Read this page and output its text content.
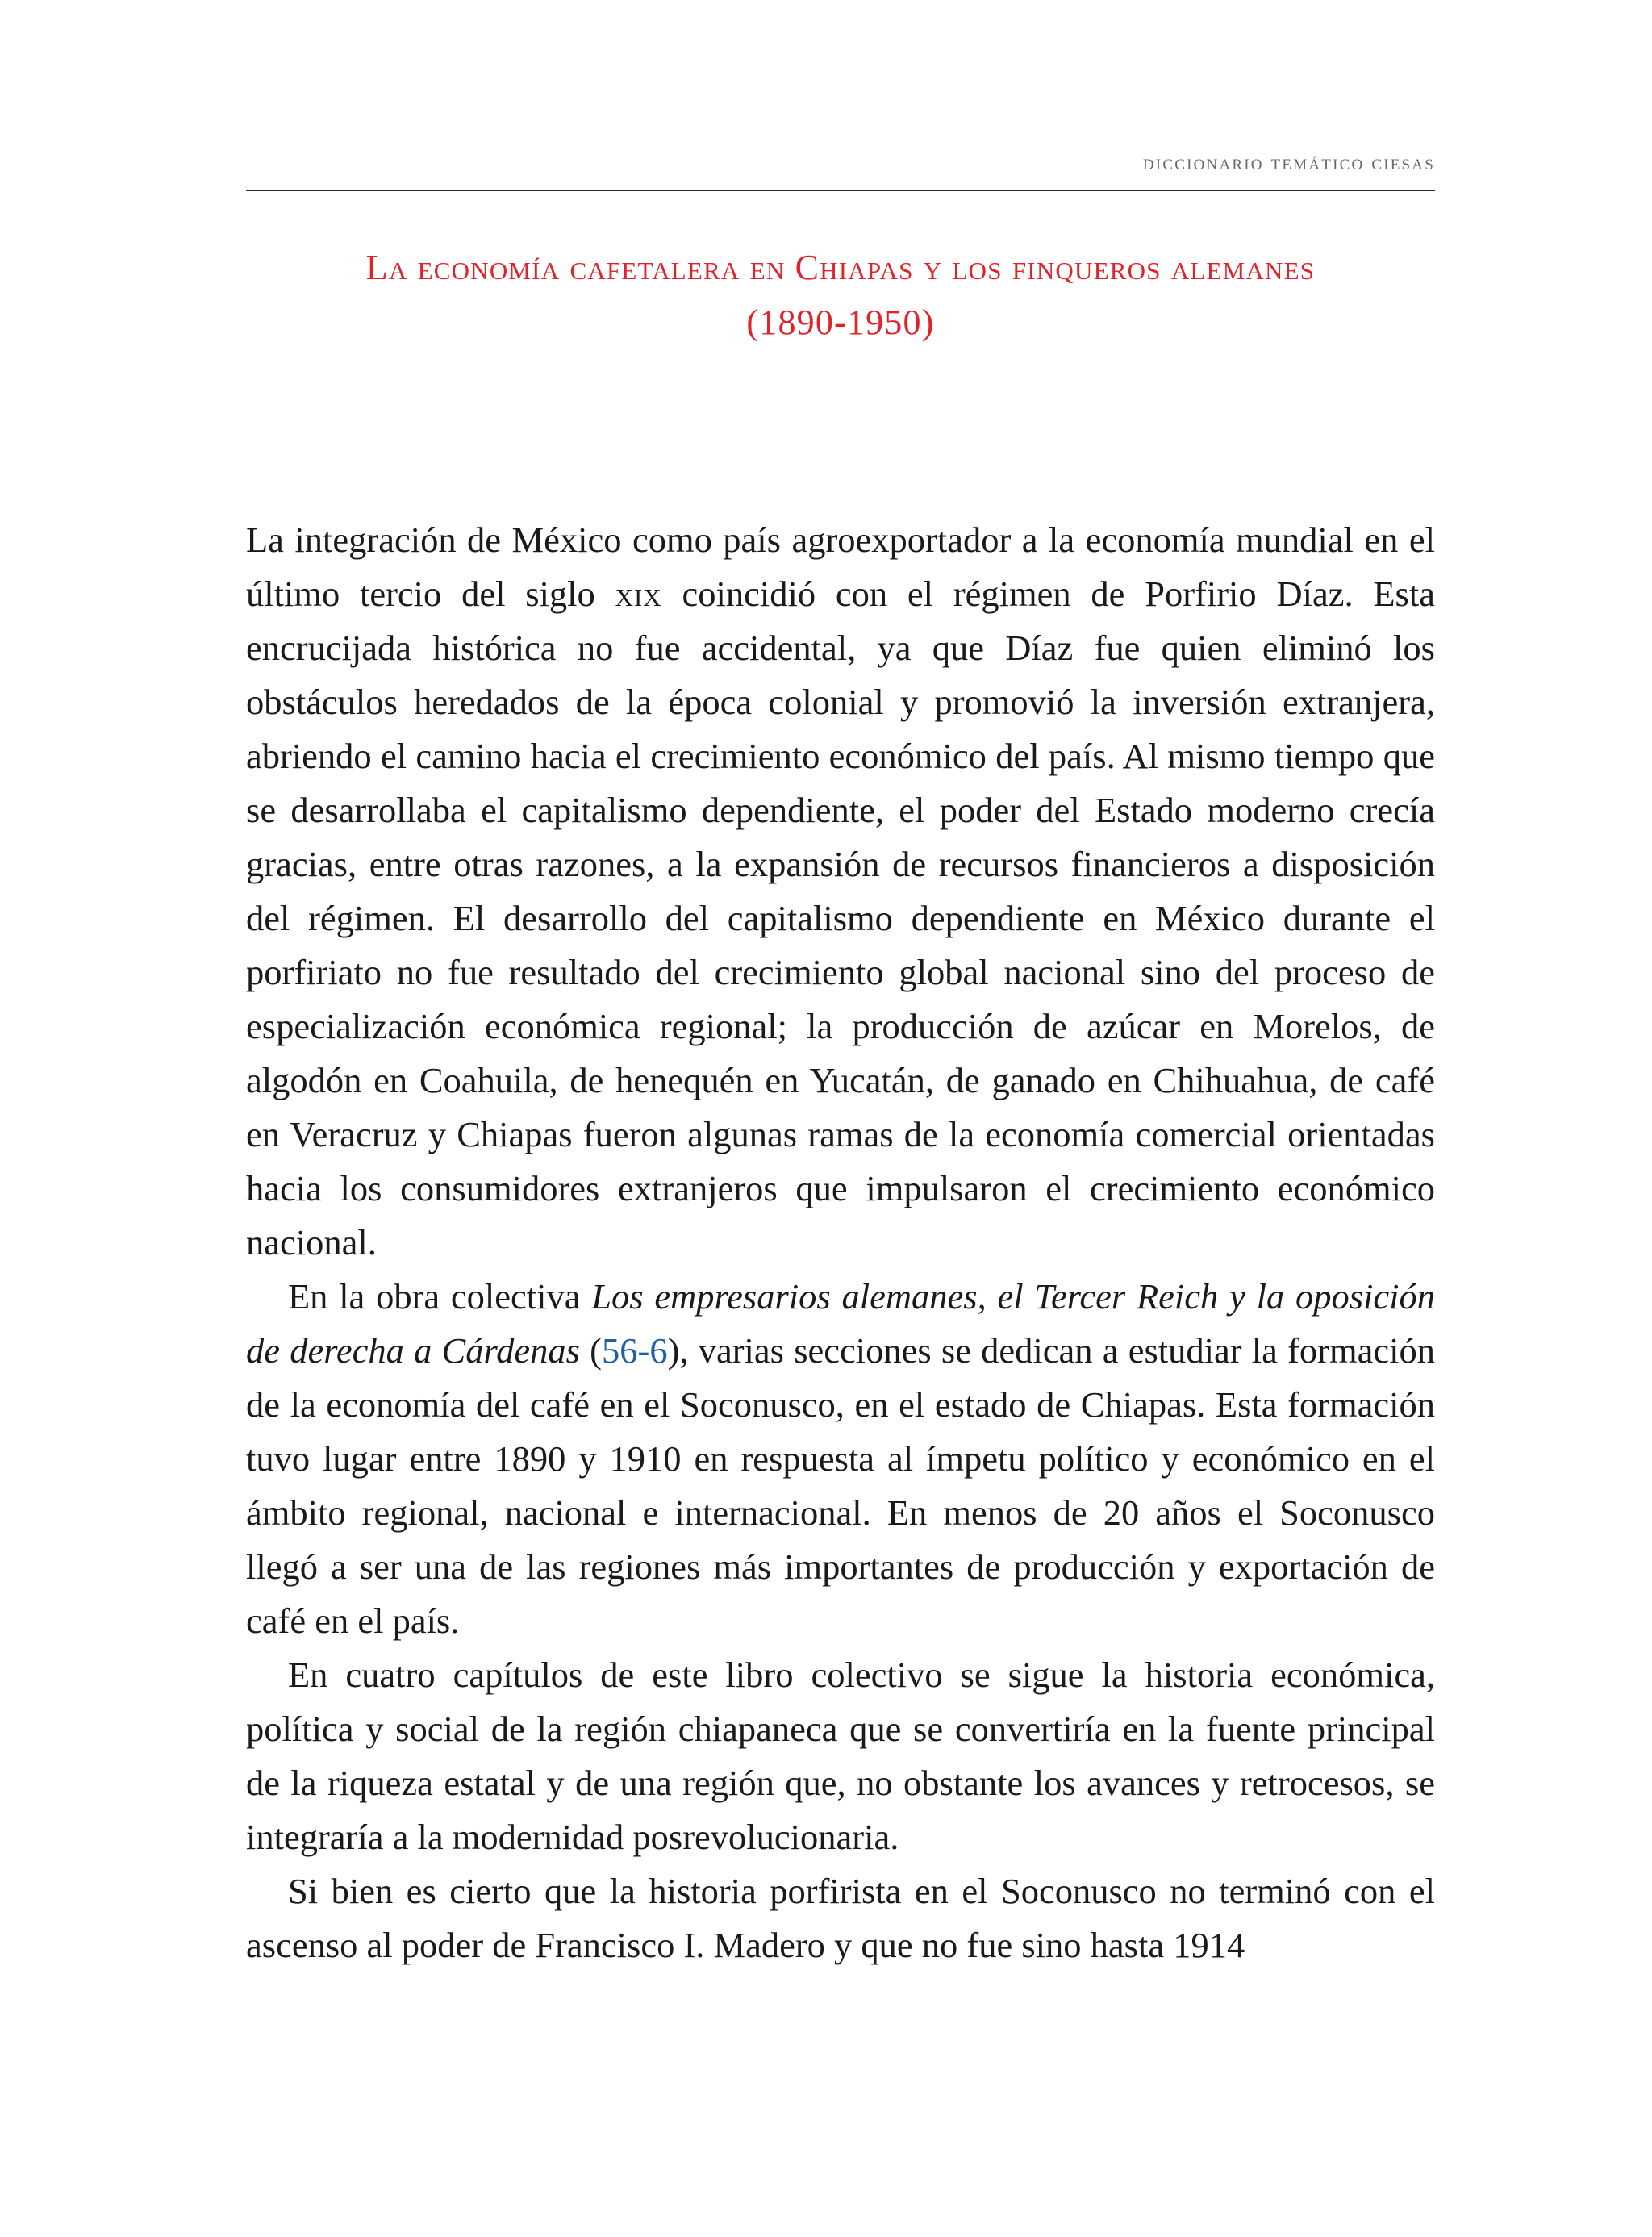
diccionario temático ciesas
La economía cafetalera en Chiapas y los finqueros alemanes
(1890-1950)

La integración de México como país agroexportador a la economía mundial en el último tercio del siglo xix coincidió con el régimen de Porfirio Díaz. Esta encrucijada histórica no fue accidental, ya que Díaz fue quien eliminó los obstáculos heredados de la época colonial y promovió la inversión extranjera, abriendo el camino hacia el crecimiento económico del país. Al mismo tiempo que se desarrollaba el capitalismo dependiente, el poder del Estado moderno crecía gracias, entre otras razones, a la expansión de recursos financieros a disposición del régimen. El desarrollo del capitalismo dependiente en México durante el porfiriato no fue resultado del crecimiento global nacional sino del proceso de especialización económica regional; la producción de azúcar en Morelos, de algodón en Coahuila, de henequén en Yucatán, de ganado en Chihuahua, de café en Veracruz y Chiapas fueron algunas ramas de la economía comercial orientadas hacia los consumidores extranjeros que impulsaron el crecimiento económico nacional.

En la obra colectiva Los empresarios alemanes, el Tercer Reich y la oposición de derecha a Cárdenas (56-6), varias secciones se dedican a estudiar la formación de la economía del café en el Soconusco, en el estado de Chiapas. Esta formación tuvo lugar entre 1890 y 1910 en respuesta al ímpetu político y económico en el ámbito regional, nacional e internacional. En menos de 20 años el Soconusco llegó a ser una de las regiones más importantes de producción y exportación de café en el país.

En cuatro capítulos de este libro colectivo se sigue la historia económica, política y social de la región chiapaneca que se convertiría en la fuente principal de la riqueza estatal y de una región que, no obstante los avances y retrocesos, se integraría a la modernidad posrevolucionaria.

Si bien es cierto que la historia porfirista en el Soconusco no terminó con el ascenso al poder de Francisco I. Madero y que no fue sino hasta 1914
